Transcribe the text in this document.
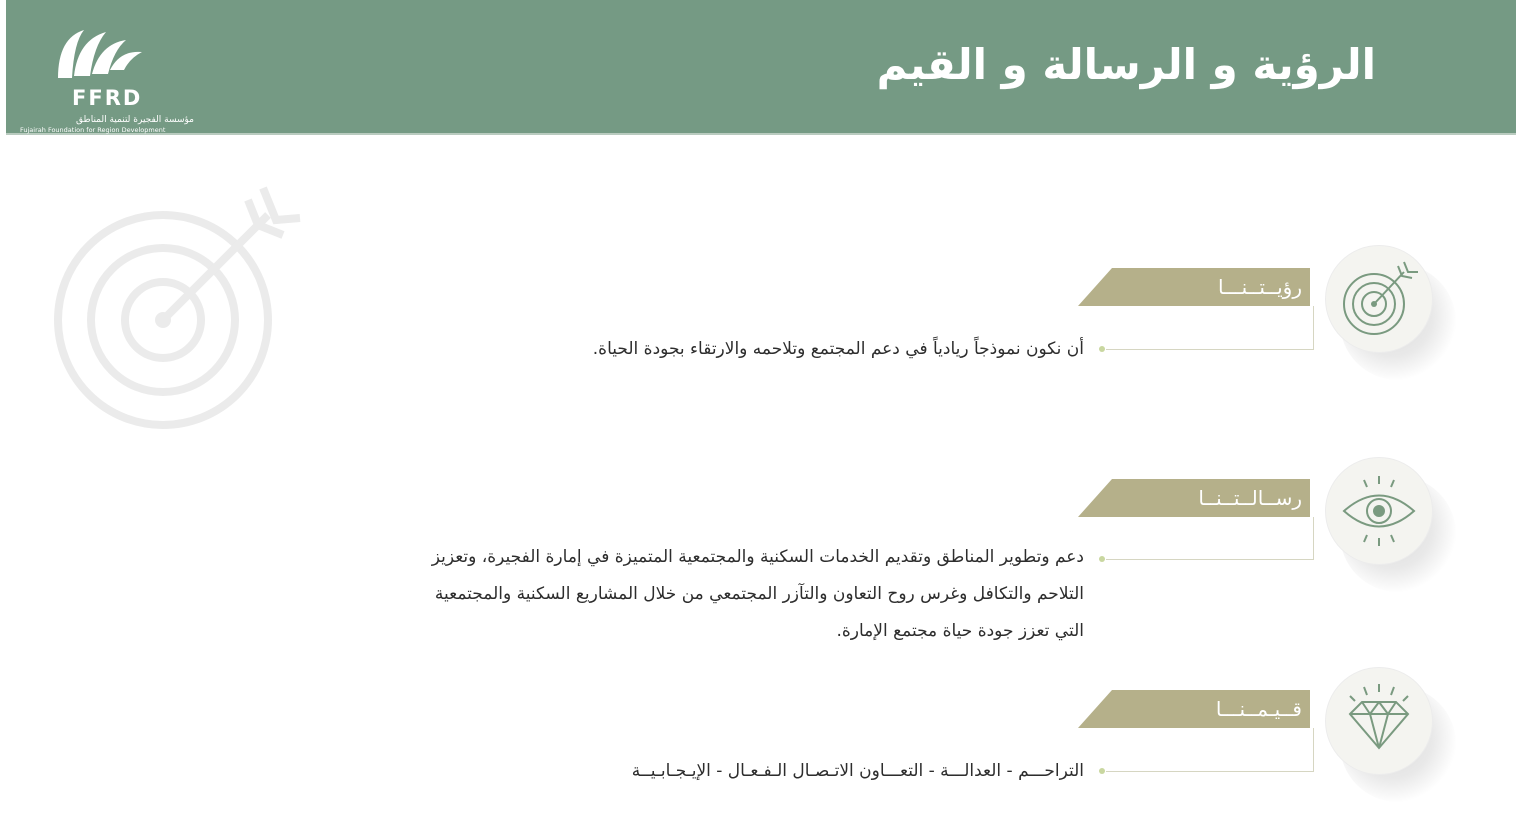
الرؤية و الرسالة و القيم
FFRD
مؤسسة الفجيرة لتنمية المناطق
Fujairah Foundation for Region Development
رؤيــتــنـــا
أن نكون نموذجاً ريادياً في دعم المجتمع وتلاحمه والارتقاء بجودة الحياة.
رســالــتــنــا
دعم وتطوير المناطق وتقديم الخدمات السكنية والمجتمعية المتميزة في إمارة الفجيرة، وتعزيز
التلاحم والتكافل وغرس روح التعاون والتآزر المجتمعي من خلال المشاريع السكنية والمجتمعية
التي تعزز جودة حياة مجتمع الإمارة.
قــيـمــنـــا
التراحـــم - العدالـــة - التعـــاون الاتـصـال الـفـعـال - الإيـجـابـيــة
